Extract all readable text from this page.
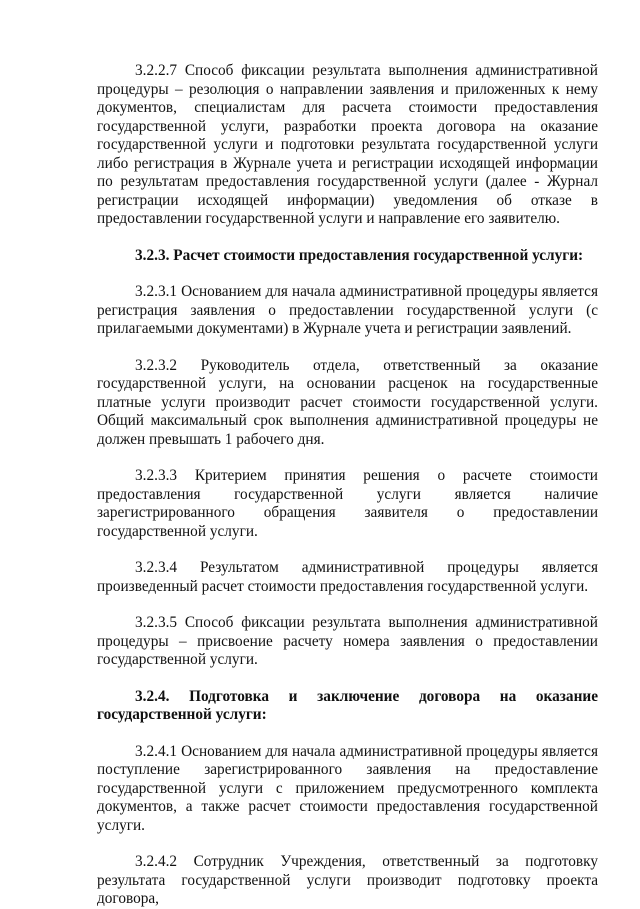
3.2.2.7 Способ фиксации результата выполнения административной процедуры – резолюция о направлении заявления и приложенных к нему документов, специалистам для расчета стоимости предоставления государственной услуги, разработки проекта договора на оказание государственной услуги и подготовки результата государственной услуги либо регистрация в Журнале учета и регистрации исходящей информации по результатам предоставления государственной услуги (далее - Журнал регистрации исходящей информации) уведомления об отказе в предоставлении государственной услуги и направление его заявителю.

3.2.3. Расчет стоимости предоставления государственной услуги:

3.2.3.1 Основанием для начала административной процедуры является регистрация заявления о предоставлении государственной услуги (с прилагаемыми документами) в Журнале учета и регистрации заявлений.

3.2.3.2 Руководитель отдела, ответственный за оказание государственной услуги, на основании расценок на государственные платные услуги производит расчет стоимости государственной услуги. Общий максимальный срок выполнения административной процедуры не должен превышать 1 рабочего дня.

3.2.3.3 Критерием принятия решения о расчете стоимости предоставления государственной услуги является наличие зарегистрированного обращения заявителя о предоставлении государственной услуги.

3.2.3.4 Результатом административной процедуры является произведенный расчет стоимости предоставления государственной услуги.

3.2.3.5 Способ фиксации результата выполнения административной процедуры – присвоение расчету номера заявления о предоставлении государственной услуги.

3.2.4. Подготовка и заключение договора на оказание государственной услуги:

3.2.4.1 Основанием для начала административной процедуры является поступление зарегистрированного заявления на предоставление государственной услуги с приложением предусмотренного комплекта документов, а также расчет стоимости предоставления государственной услуги.

3.2.4.2 Сотрудник Учреждения, ответственный за подготовку результата государственной услуги производит подготовку проекта договора,
